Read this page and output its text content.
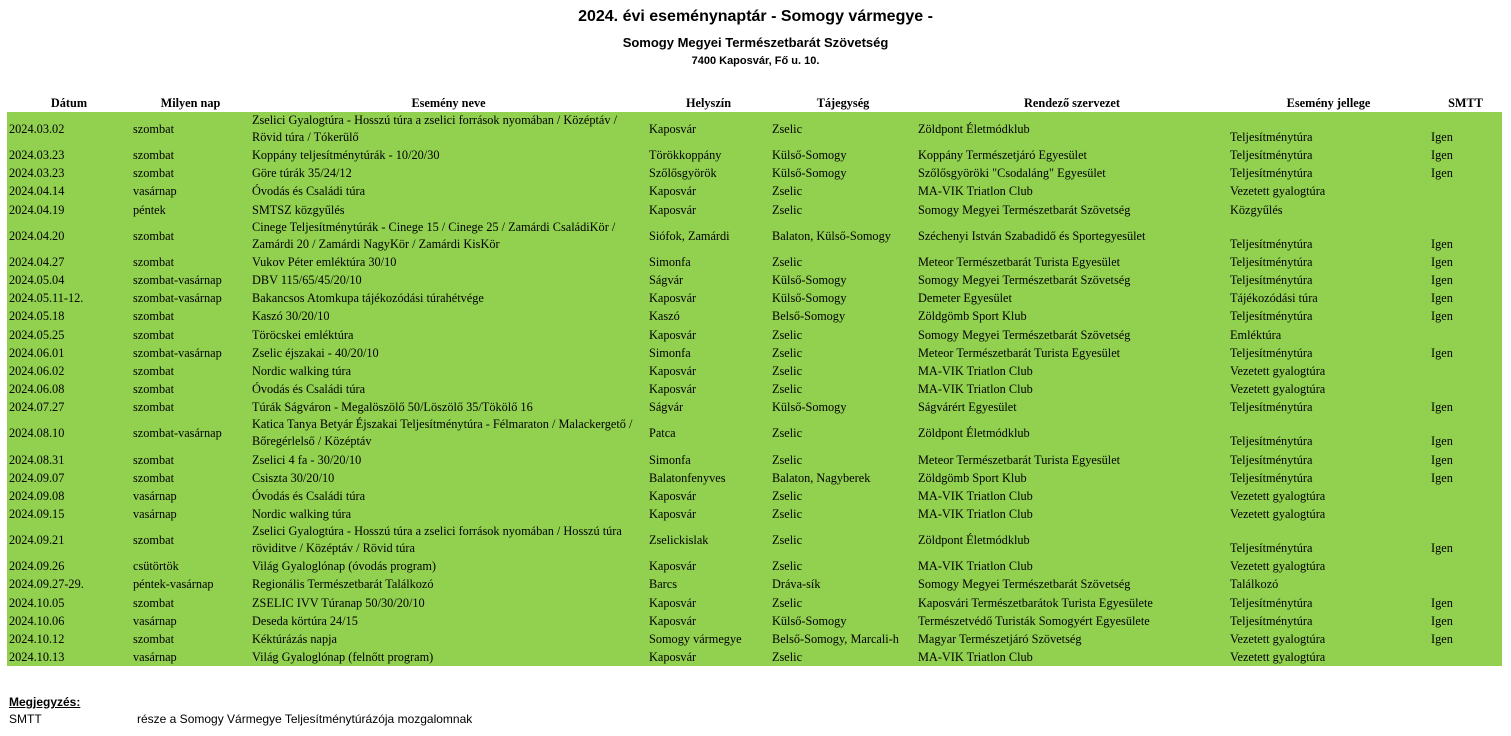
2024. évi eseménynaptár - Somogy vármegye -
Somogy Megyei Természetbarát Szövetség
7400 Kaposvár, Fő u. 10.
Dátum	Milyen nap	Esemény neve	Helyszín	Tájegység	Rendező szervezet	Esemény jellege	SMTT
2024.03.02	szombat	Zselici Gyalogtúra - Hosszú túra a zselici források nyomában / Középtáv / Rövid túra / Tókerülő	Kaposvár	Zselic	Zöldpont Életmódklub	Teljesítménytúra	Igen
2024.03.23	szombat	Koppány teljesítménytúrák - 10/20/30	Törökkoppány	Külső-Somogy	Koppány Természetjáró Egyesület	Teljesítménytúra	Igen
2024.03.23	szombat	Göre túrák 35/24/12	Szőlősgyörök	Külső-Somogy	Szőlősgyöröki "Csodaláng" Egyesület	Teljesítménytúra	Igen
2024.04.14	vasárnap	Óvodás és Családi túra	Kaposvár	Zselic	MA-VIK Triatlon Club	Vezetett gyalogtúra	
2024.04.19	péntek	SMTSZ közgyűlés	Kaposvár	Zselic	Somogy Megyei Természetbarát Szövetség	Közgyűlés	
2024.04.20	szombat	Cinege Teljesítménytúrák - Cinege 15 / Cinege 25 / Zamárdi CsaládiKör / Zamárdi 20 / Zamárdi NagyKör / Zamárdi KisKör	Siófok, Zamárdi	Balaton, Külső-Somogy	Széchenyi István Szabadidő és Sportegyesület	Teljesítménytúra	Igen
2024.04.27	szombat	Vukov Péter emléktúra 30/10	Simonfa	Zselic	Meteor Természetbarát Turista Egyesület	Teljesítménytúra	Igen
2024.05.04	szombat-vasárnap	DBV 115/65/45/20/10	Ságvár	Külső-Somogy	Somogy Megyei Természetbarát Szövetség	Teljesítménytúra	Igen
2024.05.11-12.	szombat-vasárnap	Bakancsos Atomkupa tájékozódási túrahétvége	Kaposvár	Külső-Somogy	Demeter Egyesület	Tájékozódási túra	Igen
2024.05.18	szombat	Kaszó 30/20/10	Kaszó	Belső-Somogy	Zöldgömb Sport Klub	Teljesítménytúra	Igen
2024.05.25	szombat	Töröcskei emléktúra	Kaposvár	Zselic	Somogy Megyei Természetbarát Szövetség	Emléktúra	
2024.06.01	szombat-vasárnap	Zselic éjszakai - 40/20/10	Simonfa	Zselic	Meteor Természetbarát Turista Egyesület	Teljesítménytúra	Igen
2024.06.02	szombat	Nordic walking túra	Kaposvár	Zselic	MA-VIK Triatlon Club	Vezetett gyalogtúra	
2024.06.08	szombat	Óvodás és Családi túra	Kaposvár	Zselic	MA-VIK Triatlon Club	Vezetett gyalogtúra	
2024.07.27	szombat	Túrák Ságváron - Megalöszölő 50/Löszölő 35/Tökölő 16	Ságvár	Külső-Somogy	Ságvárért Egyesület	Teljesítménytúra	Igen
2024.08.10	szombat-vasárnap	Katica Tanya Betyár Éjszakai Teljesítménytúra - Félmaraton / Malackergető / Bőregérlelső / Középtáv	Patca	Zselic	Zöldpont Életmódklub	Teljesítménytúra	Igen
2024.08.31	szombat	Zselici 4 fa - 30/20/10	Simonfa	Zselic	Meteor Természetbarát Turista Egyesület	Teljesítménytúra	Igen
2024.09.07	szombat	Csiszta 30/20/10	Balatonfenyves	Balaton, Nagyberek	Zöldgömb Sport Klub	Teljesítménytúra	Igen
2024.09.08	vasárnap	Óvodás és Családi túra	Kaposvár	Zselic	MA-VIK Triatlon Club	Vezetett gyalogtúra	
2024.09.15	vasárnap	Nordic walking túra	Kaposvár	Zselic	MA-VIK Triatlon Club	Vezetett gyalogtúra	
2024.09.21	szombat	Zselici Gyalogtúra - Hosszú túra a zselici források nyomában / Hosszú túra röviditve / Középtáv / Rövid túra	Zselickislak	Zselic	Zöldpont Életmódklub	Teljesítménytúra	Igen
2024.09.26	csütörtök	Világ Gyaloglónap (óvodás program)	Kaposvár	Zselic	MA-VIK Triatlon Club	Vezetett gyalogtúra	
2024.09.27-29.	péntek-vasárnap	Regionális Természetbarát Találkozó	Barcs	Dráva-sík	Somogy Megyei Természetbarát Szövetség	Találkozó	
2024.10.05	szombat	ZSELIC IVV Túranap 50/30/20/10	Kaposvár	Zselic	Kaposvári Természetbarátok Turista Egyesülete	Teljesítménytúra	Igen
2024.10.06	vasárnap	Deseda körtúra 24/15	Kaposvár	Külső-Somogy	Természetvédő Turisták Somogyért Egyesülete	Teljesítménytúra	Igen
2024.10.12	szombat	Kéktúrázás napja	Somogy vármegye	Belső-Somogy, Marcali-h	Magyar Természetjáró Szövetség	Vezetett gyalogtúra	Igen
2024.10.13	vasárnap	Világ Gyaloglónap (felnőtt program)	Kaposvár	Zselic	MA-VIK Triatlon Club	Vezetett gyalogtúra	
Megjegyzés:
SMTT	része a Somogy Vármegye Teljesítménytúrázója mozgalomnak
